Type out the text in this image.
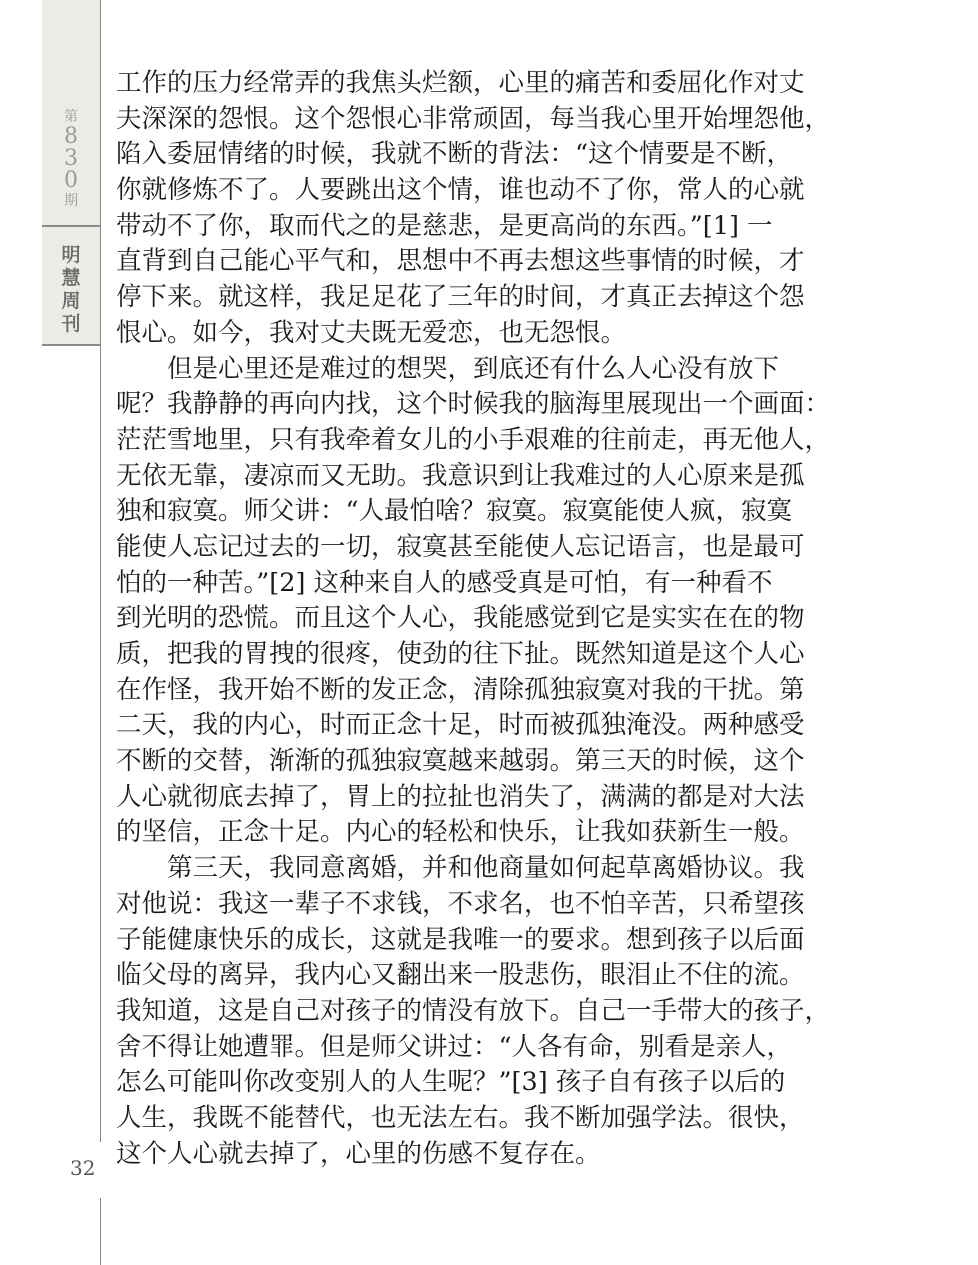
第
8
3
0
期
明
慧
周
刊
32
工作的压力经常弄的我焦头烂额，心里的痛苦和委屈化作对丈
夫深深的怨恨。这个怨恨心非常顽固，每当我心里开始埋怨他，
陷入委屈情绪的时候，我就不断的背法：“这个情要是不断，
你就修炼不了。人要跳出这个情，谁也动不了你，常人的心就
带动不了你，取而代之的是慈悲，是更高尚的东西。”[1] 一
直背到自己能心平气和，思想中不再去想这些事情的时候，才
停下来。就这样，我足足花了三年的时间，才真正去掉这个怨
恨心。如今，我对丈夫既无爱恋，也无怨恨。
　　但是心里还是难过的想哭，到底还有什么人心没有放下
呢？我静静的再向内找，这个时候我的脑海里展现出一个画面：
茫茫雪地里，只有我牵着女儿的小手艰难的往前走，再无他人，
无依无靠，凄凉而又无助。我意识到让我难过的人心原来是孤
独和寂寞。师父讲：“人最怕啥？寂寞。寂寞能使人疯，寂寞
能使人忘记过去的一切，寂寞甚至能使人忘记语言，也是最可
怕的一种苦。”[2] 这种来自人的感受真是可怕，有一种看不
到光明的恐慌。而且这个人心，我能感觉到它是实实在在的物
质，把我的胃拽的很疼，使劲的往下扯。既然知道是这个人心
在作怪，我开始不断的发正念，清除孤独寂寞对我的干扰。第
二天，我的内心，时而正念十足，时而被孤独淹没。两种感受
不断的交替，渐渐的孤独寂寞越来越弱。第三天的时候，这个
人心就彻底去掉了，胃上的拉扯也消失了，满满的都是对大法
的坚信，正念十足。内心的轻松和快乐，让我如获新生一般。
　　第三天，我同意离婚，并和他商量如何起草离婚协议。我
对他说：我这一辈子不求钱，不求名，也不怕辛苦，只希望孩
子能健康快乐的成长，这就是我唯一的要求。想到孩子以后面
临父母的离异，我内心又翻出来一股悲伤，眼泪止不住的流。
我知道，这是自己对孩子的情没有放下。自己一手带大的孩子，
舍不得让她遭罪。但是师父讲过：“人各有命，别看是亲人，
怎么可能叫你改变别人的人生呢？”[3] 孩子自有孩子以后的
人生，我既不能替代，也无法左右。我不断加强学法。很快，
这个人心就去掉了，心里的伤感不复存在。
